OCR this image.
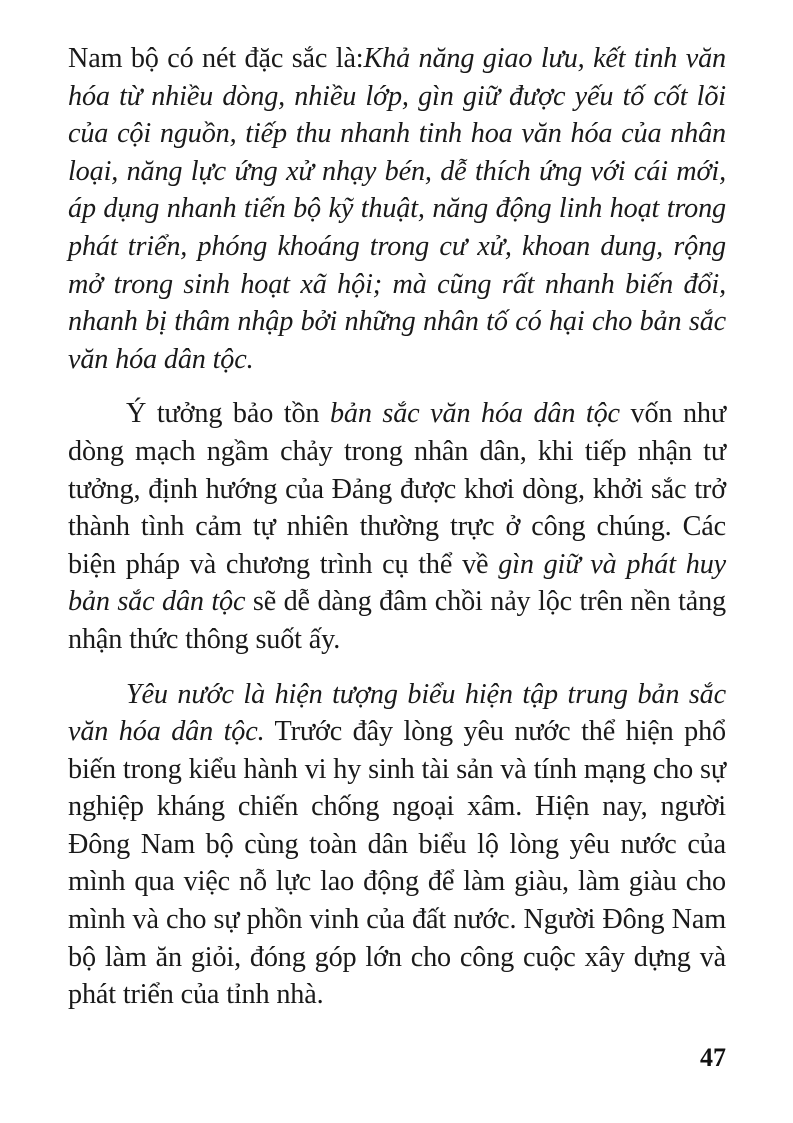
Nam bộ có nét đặc sắc là:Khả năng giao lưu, kết tinh văn hóa từ nhiều dòng, nhiều lớp, gìn giữ được yếu tố cốt lõi của cội nguồn, tiếp thu nhanh tinh hoa văn hóa của nhân loại, năng lực ứng xử nhạy bén, dễ thích ứng với cái mới, áp dụng nhanh tiến bộ kỹ thuật, năng động linh hoạt trong phát triển, phóng khoáng trong cư xử, khoan dung, rộng mở trong sinh hoạt xã hội; mà cũng rất nhanh biến đổi, nhanh bị thâm nhập bởi những nhân tố có hại cho bản sắc văn hóa dân tộc.

Ý tưởng bảo tồn bản sắc văn hóa dân tộc vốn như dòng mạch ngầm chảy trong nhân dân, khi tiếp nhận tư tưởng, định hướng của Đảng được khơi dòng, khởi sắc trở thành tình cảm tự nhiên thường trực ở công chúng. Các biện pháp và chương trình cụ thể về gìn giữ và phát huy bản sắc dân tộc sẽ dễ dàng đâm chồi nảy lộc trên nền tảng nhận thức thông suốt ấy.

Yêu nước là hiện tượng biểu hiện tập trung bản sắc văn hóa dân tộc. Trước đây lòng yêu nước thể hiện phổ biến trong kiểu hành vi hy sinh tài sản và tính mạng cho sự nghiệp kháng chiến chống ngoại xâm. Hiện nay, người Đông Nam bộ cùng toàn dân biểu lộ lòng yêu nước của mình qua việc nỗ lực lao động để làm giàu, làm giàu cho mình và cho sự phồn vinh của đất nước. Người Đông Nam bộ làm ăn giỏi, đóng góp lớn cho công cuộc xây dựng và phát triển của tỉnh nhà.

47
